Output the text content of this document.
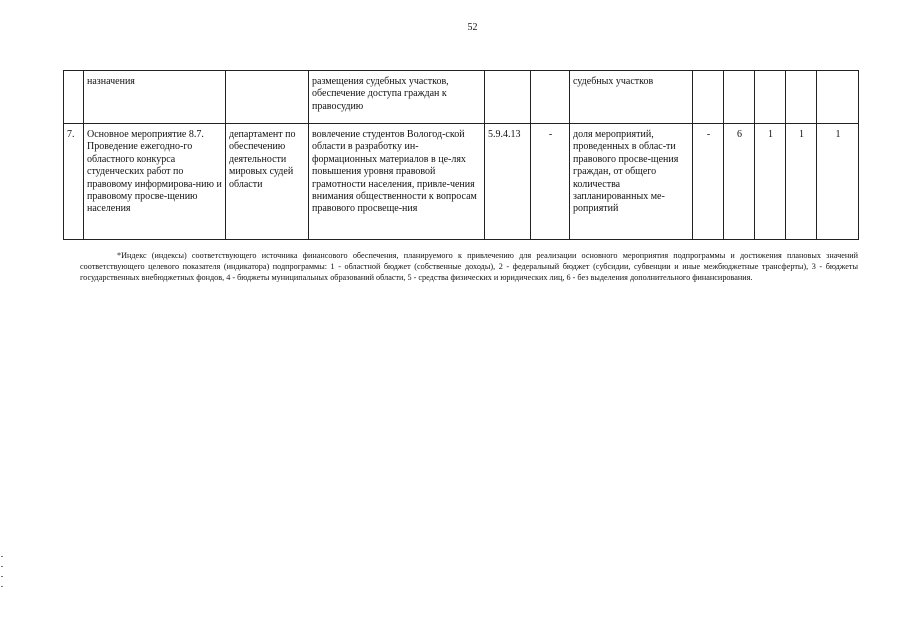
52
	назначения		размещения судебных участков, обеспечение доступа граждан к правосудию			судебных участков					
7.	Основное мероприятие 8.7. Проведение ежегодно-го областного конкурса студенческих работ по правовому информирова-нию и правовому просве-щению населения	департамент по обеспечению деятельности мировых судей области	вовлечение студентов Вологод-ской области в разработку ин-формационных материалов в це-лях повышения уровня правовой грамотности населения, привле-чения внимания общественности к вопросам правового просвеще-ния	5.9.4.13	-	доля мероприятий, проведенных в облас-ти правового просве-щения граждан, от общего количества запланированных ме-роприятий	-	6	1	1	1

*Индекс (индексы) соответствующего источника финансового обеспечения, планируемого к привлечению для реализации основного мероприятия подпрограммы и достижения плановых значений соответствующего целевого показателя (индикатора) подпрограммы: 1 - областной бюджет (собственные доходы), 2 - федеральный бюджет (субсидии, субвенции и иные межбюджетные трансферты), 3 - бюджеты государственных внебюджетных фондов, 4 - бюджеты муниципальных образований области, 5 - средства физических и юридических лиц, 6 - без выделения дополнительного финансирования.
